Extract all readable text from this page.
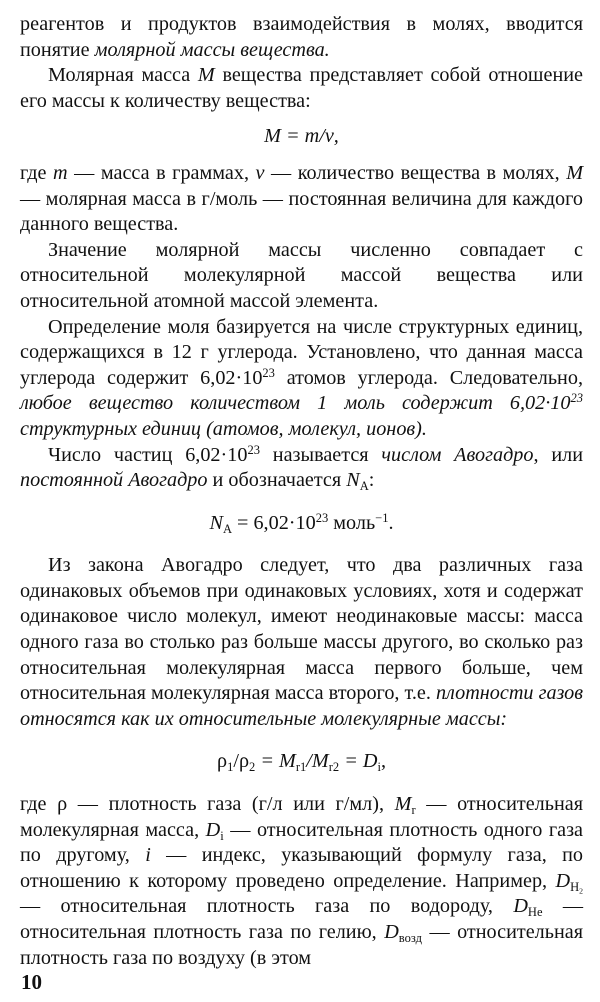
реагентов и продуктов взаимодействия в молях, вводится понятие молярной массы вещества.

Молярная масса M вещества представляет собой отношение его массы к количеству вещества:

M = m/ν,

где m — масса в граммах, ν — количество вещества в молях, M — молярная масса в г/моль — постоянная величина для каждого данного вещества.

Значение молярной массы численно совпадает с относительной молекулярной массой вещества или относительной атомной массой элемента.

Определение моля базируется на числе структурных единиц, содержащихся в 12 г углерода. Установлено, что данная масса углерода содержит $6,02\cdot 10^{23}$ атомов углерода. Следовательно, любое вещество количеством 1 моль содержит $6,02\cdot 10^{23}$ структурных единиц (атомов, молекул, ионов).

Число частиц $6,02\cdot 10^{23}$ называется числом Авогадро, или постоянной Авогадро и обозначается $N_A$:

$N_A = 6,02\cdot 10^{23}$ моль$^{-1}$.

Из закона Авогадро следует, что два различных газа одинаковых объемов при одинаковых условиях, хотя и содержат одинаковое число молекул, имеют неодинаковые массы: масса одного газа во столько раз больше массы другого, во сколько раз относительная молекулярная масса первого больше, чем относительная молекулярная масса второго, т.е. плотности газов относятся как их относительные молекулярные массы:

$\rho_1/\rho_2 = M_{r1}/M_{r2} = D_i$,

где ρ — плотность газа (г/л или г/мл), $M_r$ — относительная молекулярная масса, $D_i$ — относительная плотность одного газа по другому, i — индекс, указывающий формулу газа, по отношению к которому проведено определение. Например, $D_{H_2}$ — относительная плотность газа по водороду, $D_{He}$ — относительная плотность газа по гелию, $D_{возд}$ — относительная плотность газа по воздуху (в этом

10
